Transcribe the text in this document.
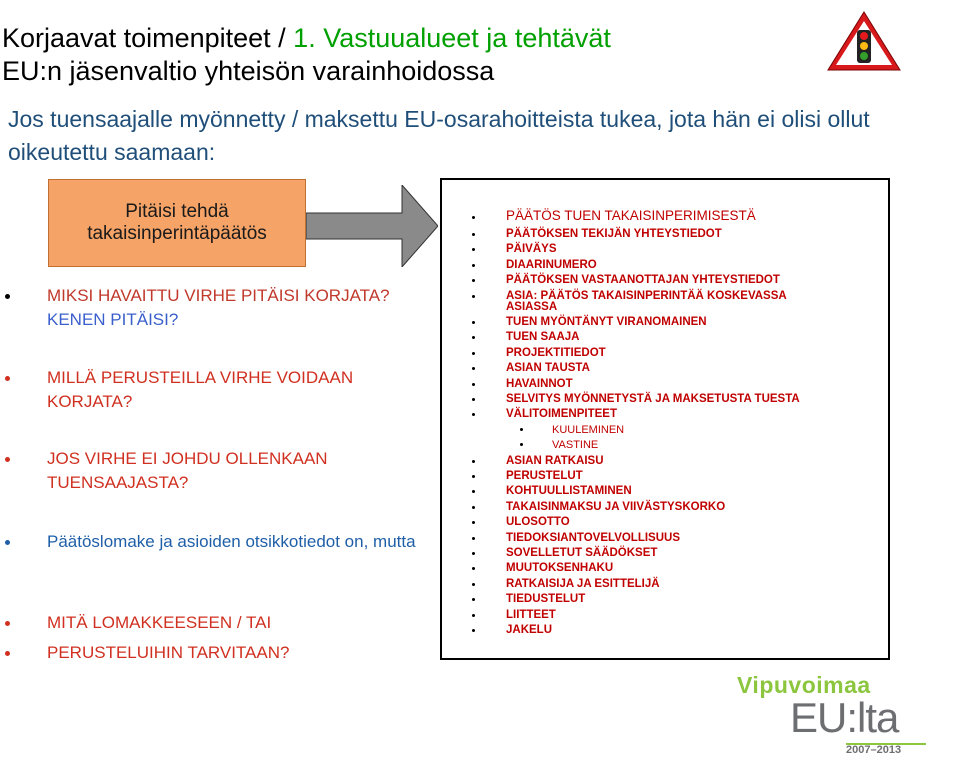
Korjaavat toimenpiteet / 1. Vastuualueet ja tehtävät
EU:n jäsenvaltio yhteisön varainhoidossa
Jos tuensaajalle myönnetty / maksettu EU-osarahoitteista tukea, jota hän ei olisi ollut oikeutettu saamaan:
Pitäisi tehdä takaisinperintäpäätös
MIKSI HAVAITTU VIRHE PITÄISI KORJATA? KENEN PITÄISI?
MILLÄ PERUSTEILLA VIRHE VOIDAAN KORJATA?
JOS VIRHE EI JOHDU OLLENKAAN TUENSAAJASTA?
Päätöslomake ja asioiden otsikkotiedot on, mutta
MITÄ LOMAKKEESEEN / TAI
PERUSTELUIHIN TARVITAAN?
PÄÄTÖS TUEN TAKAISINPERIMISESTÄ
PÄÄTÖKSEN TEKIJÄN YHTEYSTIEDOT
PÄIVÄYS
DIAARINUMERO
PÄÄTÖKSEN VASTAANOTTAJAN YHTEYSTIEDOT
ASIA: PÄÄTÖS TAKAISINPERINTÄÄ KOSKEVASSA
ASIASSA
TUEN MYÖNTÄNYT VIRANOMAINEN
TUEN SAAJA
PROJEKTITIEDOT
ASIAN TAUSTA
HAVAINNOT
SELVITYS MYÖNNETYSTÄ JA MAKSETUSTA TUESTA
VÄLITOIMENPITEET
KUULEMINEN
VASTINE
ASIAN RATKAISU
PERUSTELUT
KOHTUULLISTAMINEN
TAKAISINMAKSU JA VIIVÄSTYSKORKO
ULOSOTTO
TIEDOKSIANTOVELVOLLISUUS
SOVELLETUT SÄÄDÖKSET
MUUTOKSENHAKU
RATKAISIJA JA ESITTELIJÄ
TIEDUSTELUT
LIITTEET
JAKELU
Vipuvoimaa
EU:lta
2007–2013
